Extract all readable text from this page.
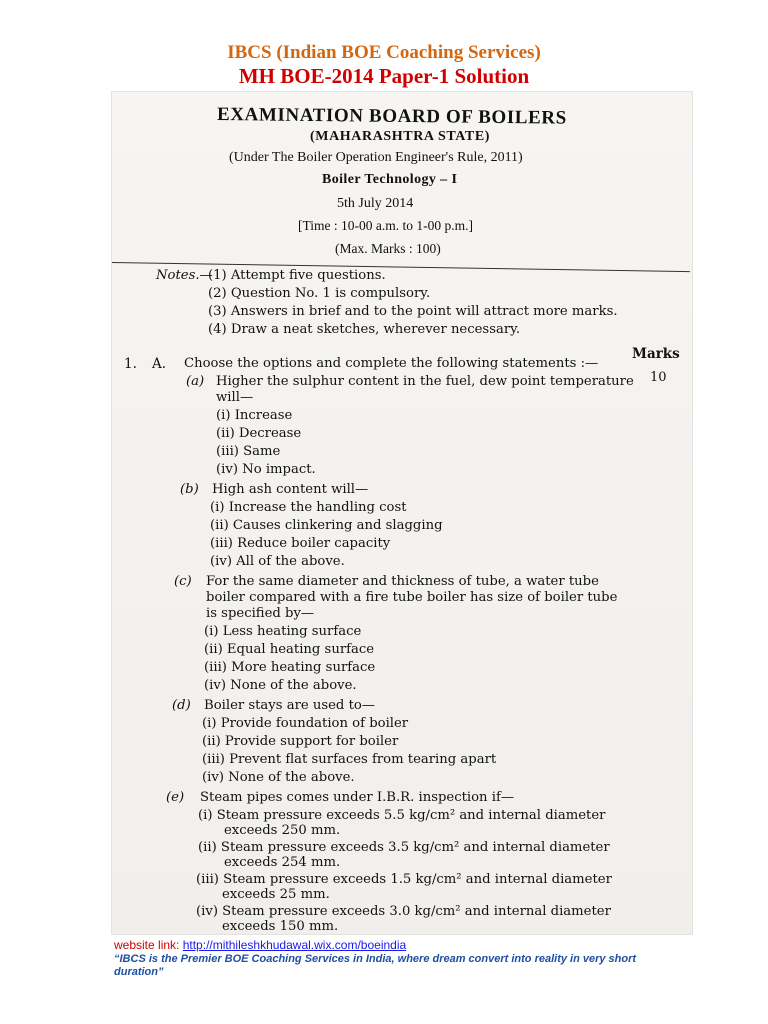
IBCS (Indian BOE Coaching Services)
MH BOE-2014 Paper-1 Solution
EXAMINATION BOARD OF BOILERS
(MAHARASHTRA STATE)
(Under The Boiler Operation Engineer's Rule, 2011)
Boiler Technology – I
5th July 2014
[Time : 10-00 a.m. to 1-00 p.m.]
(Max. Marks : 100)
Notes.—
(1) Attempt five questions.
(2) Question No. 1 is compulsory.
(3) Answers in brief and to the point will attract more marks.
(4) Draw a neat sketches, wherever necessary.
Marks
10
1. A. Choose the options and complete the following statements :—
(a) Higher the sulphur content in the fuel, dew point temperature
will—
(i) Increase
(ii) Decrease
(iii) Same
(iv) No impact.
(b) High ash content will—
(i) Increase the handling cost
(ii) Causes clinkering and slagging
(iii) Reduce boiler capacity
(iv) All of the above.
(c) For the same diameter and thickness of tube, a water tube
boiler compared with a fire tube boiler has size of boiler tube
is specified by—
(i) Less heating surface
(ii) Equal heating surface
(iii) More heating surface
(iv) None of the above.
(d) Boiler stays are used to—
(i) Provide foundation of boiler
(ii) Provide support for boiler
(iii) Prevent flat surfaces from tearing apart
(iv) None of the above.
(e) Steam pipes comes under I.B.R. inspection if—
(i) Steam pressure exceeds 5.5 kg/cm² and internal diameter
exceeds 250 mm.
(ii) Steam pressure exceeds 3.5 kg/cm² and internal diameter
exceeds 254 mm.
(iii) Steam pressure exceeds 1.5 kg/cm² and internal diameter
exceeds 25 mm.
(iv) Steam pressure exceeds 3.0 kg/cm² and internal diameter
exceeds 150 mm.
website link: http://mithileshkhudawal.wix.com/boeindia
“IBCS is the Premier BOE Coaching Services in India, where dream convert into reality in very short duration”
